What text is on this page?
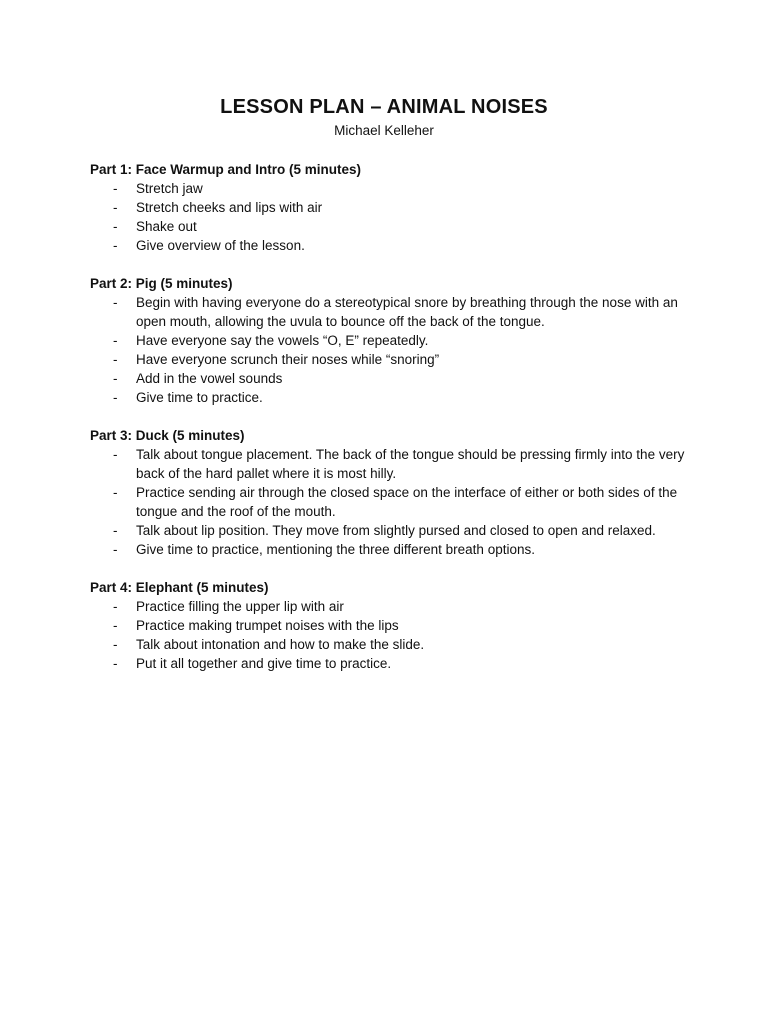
LESSON PLAN – ANIMAL NOISES
Michael Kelleher
Part 1: Face Warmup and Intro (5 minutes)
- Stretch jaw
- Stretch cheeks and lips with air
- Shake out
- Give overview of the lesson.
Part 2: Pig (5 minutes)
- Begin with having everyone do a stereotypical snore by breathing through the nose with an open mouth, allowing the uvula to bounce off the back of the tongue.
- Have everyone say the vowels “O, E” repeatedly.
- Have everyone scrunch their noses while “snoring”
- Add in the vowel sounds
- Give time to practice.
Part 3: Duck (5 minutes)
- Talk about tongue placement. The back of the tongue should be pressing firmly into the very back of the hard pallet where it is most hilly.
- Practice sending air through the closed space on the interface of either or both sides of the tongue and the roof of the mouth.
- Talk about lip position. They move from slightly pursed and closed to open and relaxed.
- Give time to practice, mentioning the three different breath options.
Part 4: Elephant (5 minutes)
- Practice filling the upper lip with air
- Practice making trumpet noises with the lips
- Talk about intonation and how to make the slide.
- Put it all together and give time to practice.
